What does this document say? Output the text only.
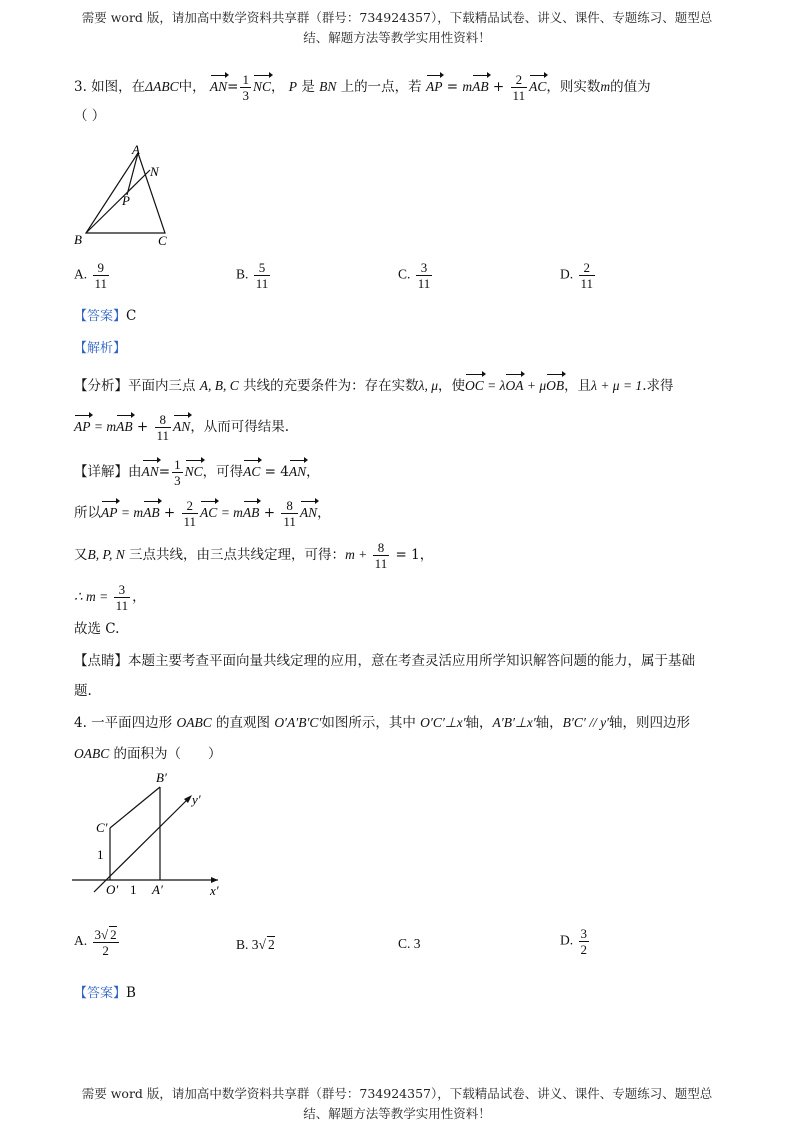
需要 word 版，请加高中数学资料共享群（群号：734924357），下载精品试卷、讲义、课件、专题练习、题型总
结、解题方法等教学实用性资料！
3. 如图，在ΔABC中， $AN= \frac{1}{3}$ NC， P 是 BN 上的一点，若 AP = mAB + $\frac{2}{11}$ AC，则实数m的值为
（ ）
A
N
P
B	C
A. $\frac{9}{11}$	B. $\frac{5}{11}$	C. $\frac{3}{11}$	D. $\frac{2}{11}$
【答案】C
【解析】
【分析】平面内三点 A, B, C 共线的充要条件为：存在实数λ, μ，使OC = λOA + μOB，且λ + μ = 1.求得
AP = mAB + $\frac{8}{11}$ AN，从而可得结果.
【详解】由$AN= \frac{1}{3}$ NC，可得AC = 4AN，
所以AP = mAB + $\frac{2}{11}$ AC = mAB + $\frac{8}{11}$ AN，
又B, P, N 三点共线，由三点共线定理，可得：$m + \frac{8}{11} = 1$，
∴ $m = \frac{3}{11}$ ，
故选 C.
【点睛】本题主要考查平面向量共线定理的应用，意在考查灵活应用所学知识解答问题的能力，属于基础
题.
4. 一平面四边形 OABC 的直观图 O′A′B′C′如图所示，其中 O′C′⊥x′轴，A′B′⊥x′轴，B′C′ // y′轴，则四边形
OABC 的面积为（　　）
B′
y′
C′
1
O′ 1 A′	x′
A. $\frac{3√ 2}{2}$	B. 3√ 2	C. 3	D. $\frac{3}{2}$
【答案】B
需要 word 版，请加高中数学资料共享群（群号：734924357），下载精品试卷、讲义、课件、专题练习、题型总
结、解题方法等教学实用性资料！
